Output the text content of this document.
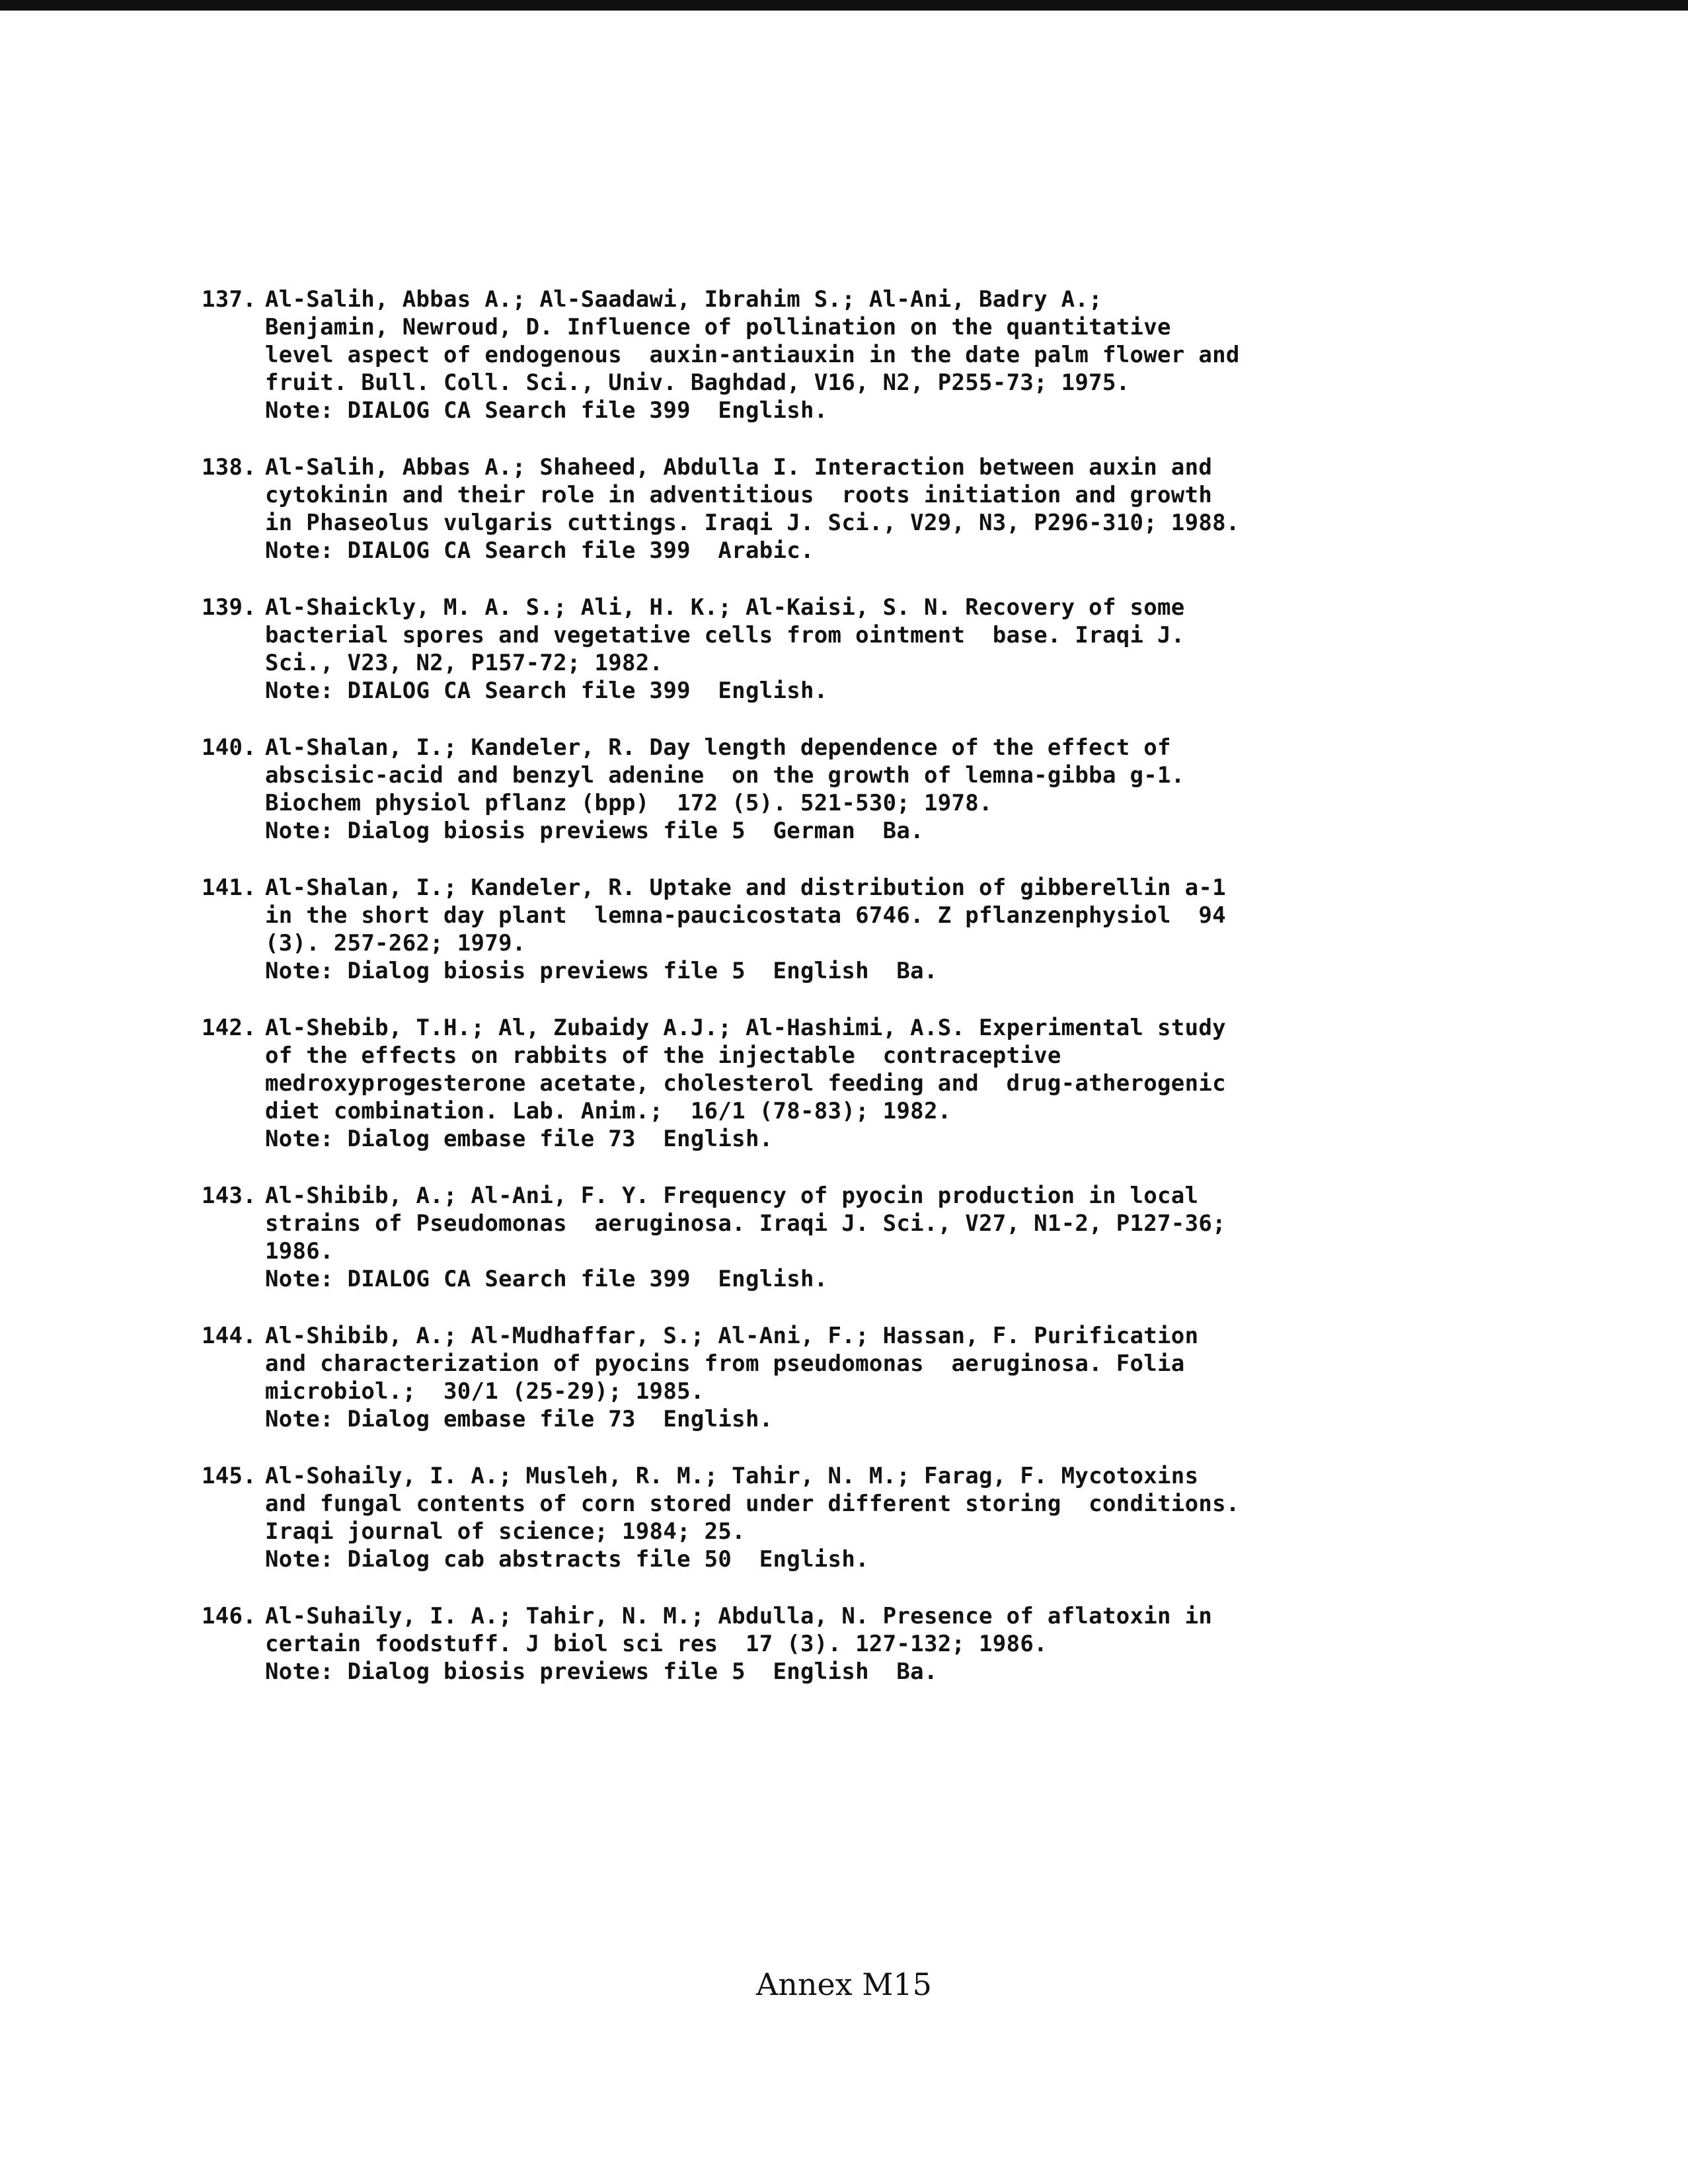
137. Al-Salih, Abbas A.; Al-Saadawi, Ibrahim S.; Al-Ani, Badry A.;
Benjamin, Newroud, D. Influence of pollination on the quantitative
level aspect of endogenous  auxin-antiauxin in the date palm flower and
fruit. Bull. Coll. Sci., Univ. Baghdad, V16, N2, P255-73; 1975.
Note: DIALOG CA Search file 399  English.
138. Al-Salih, Abbas A.; Shaheed, Abdulla I. Interaction between auxin and
cytokinin and their role in adventitious  roots initiation and growth
in Phaseolus vulgaris cuttings. Iraqi J. Sci., V29, N3, P296-310; 1988.
Note: DIALOG CA Search file 399  Arabic.
139. Al-Shaickly, M. A. S.; Ali, H. K.; Al-Kaisi, S. N. Recovery of some
bacterial spores and vegetative cells from ointment  base. Iraqi J.
Sci., V23, N2, P157-72; 1982.
Note: DIALOG CA Search file 399  English.
140. Al-Shalan, I.; Kandeler, R. Day length dependence of the effect of
abscisic-acid and benzyl adenine  on the growth of lemna-gibba g-1.
Biochem physiol pflanz (bpp)  172 (5). 521-530; 1978.
Note: Dialog biosis previews file 5  German  Ba.
141. Al-Shalan, I.; Kandeler, R. Uptake and distribution of gibberellin a-1
in the short day plant  lemna-paucicostata 6746. Z pflanzenphysiol  94
(3). 257-262; 1979.
Note: Dialog biosis previews file 5  English  Ba.
142. Al-Shebib, T.H.; Al, Zubaidy A.J.; Al-Hashimi, A.S. Experimental study
of the effects on rabbits of the injectable  contraceptive
medroxyprogesterone acetate, cholesterol feeding and  drug-atherogenic
diet combination. Lab. Anim.;  16/1 (78-83); 1982.
Note: Dialog embase file 73  English.
143. Al-Shibib, A.; Al-Ani, F. Y. Frequency of pyocin production in local
strains of Pseudomonas  aeruginosa. Iraqi J. Sci., V27, N1-2, P127-36;
1986.
Note: DIALOG CA Search file 399  English.
144. Al-Shibib, A.; Al-Mudhaffar, S.; Al-Ani, F.; Hassan, F. Purification
and characterization of pyocins from pseudomonas  aeruginosa. Folia
microbiol.;  30/1 (25-29); 1985.
Note: Dialog embase file 73  English.
145. Al-Sohaily, I. A.; Musleh, R. M.; Tahir, N. M.; Farag, F. Mycotoxins
and fungal contents of corn stored under different storing  conditions.
Iraqi journal of science; 1984; 25.
Note: Dialog cab abstracts file 50  English.
146. Al-Suhaily, I. A.; Tahir, N. M.; Abdulla, N. Presence of aflatoxin in
certain foodstuff. J biol sci res  17 (3). 127-132; 1986.
Note: Dialog biosis previews file 5  English  Ba.
Annex M15
